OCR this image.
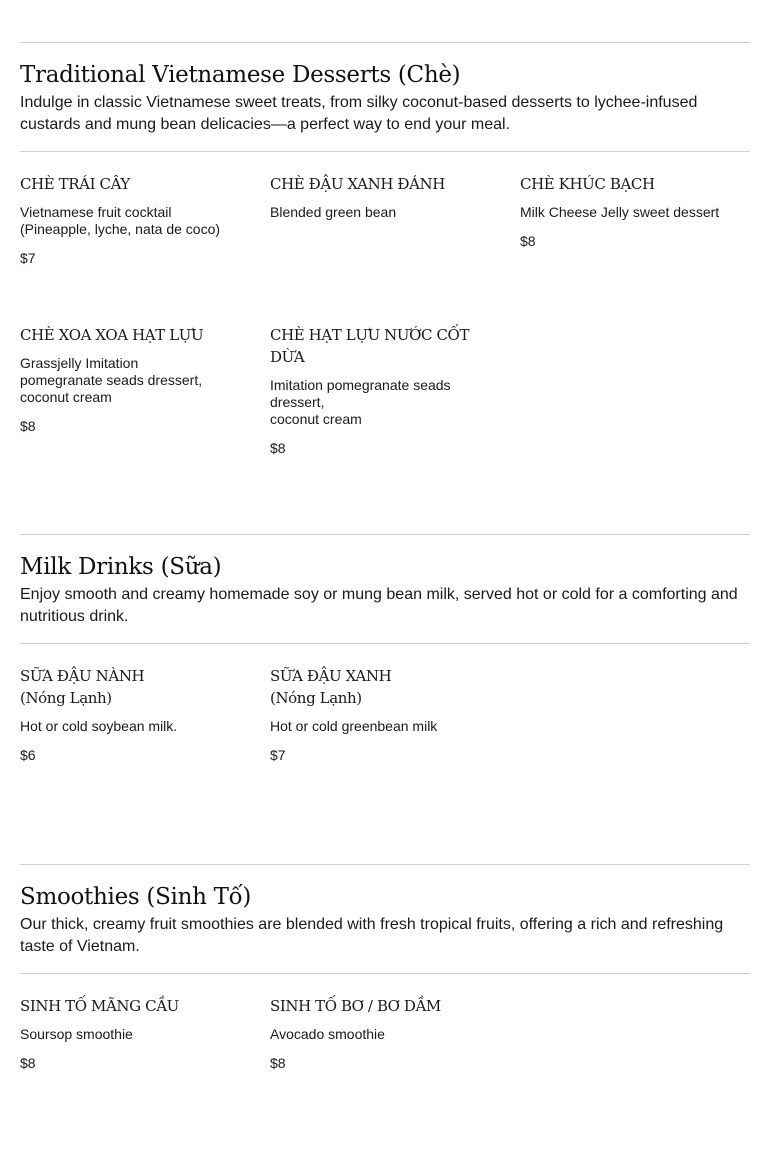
Traditional Vietnamese Desserts (Chè)

Indulge in classic Vietnamese sweet treats, from silky coconut-based desserts to lychee-infused custards and mung bean delicacies—a perfect way to end your meal.

CHÈ TRÁI CÂY

Vietnamese fruit cocktail
(Pineapple, lyche, nata de coco)

$7

CHÈ ĐẬU XANH ĐÁNH

Blended green bean

CHÈ KHÚC BẠCH

Milk Cheese Jelly sweet dessert

$8

CHÈ XOA XOA HẠT LỰU

Grassjelly Imitation
pomegranate seads dressert,
coconut cream

$8

CHÈ HẠT LỰU NƯỚC CỐT DỪA

Imitation pomegranate seads
dressert,
coconut cream

$8

Milk Drinks (Sữa)

Enjoy smooth and creamy homemade soy or mung bean milk, served hot or cold for a comforting and nutritious drink.

SỮA ĐẬU NÀNH
(Nóng Lạnh)

Hot or cold soybean milk.

$6

SỮA ĐẬU XANH
(Nóng Lạnh)

Hot or cold greenbean milk

$7

Smoothies (Sinh Tố)

Our thick, creamy fruit smoothies are blended with fresh tropical fruits, offering a rich and refreshing taste of Vietnam.

SINH TỐ MÃNG CẦU

Soursop smoothie

$8

SINH TỐ BƠ / BƠ DẦM

Avocado smoothie

$8
